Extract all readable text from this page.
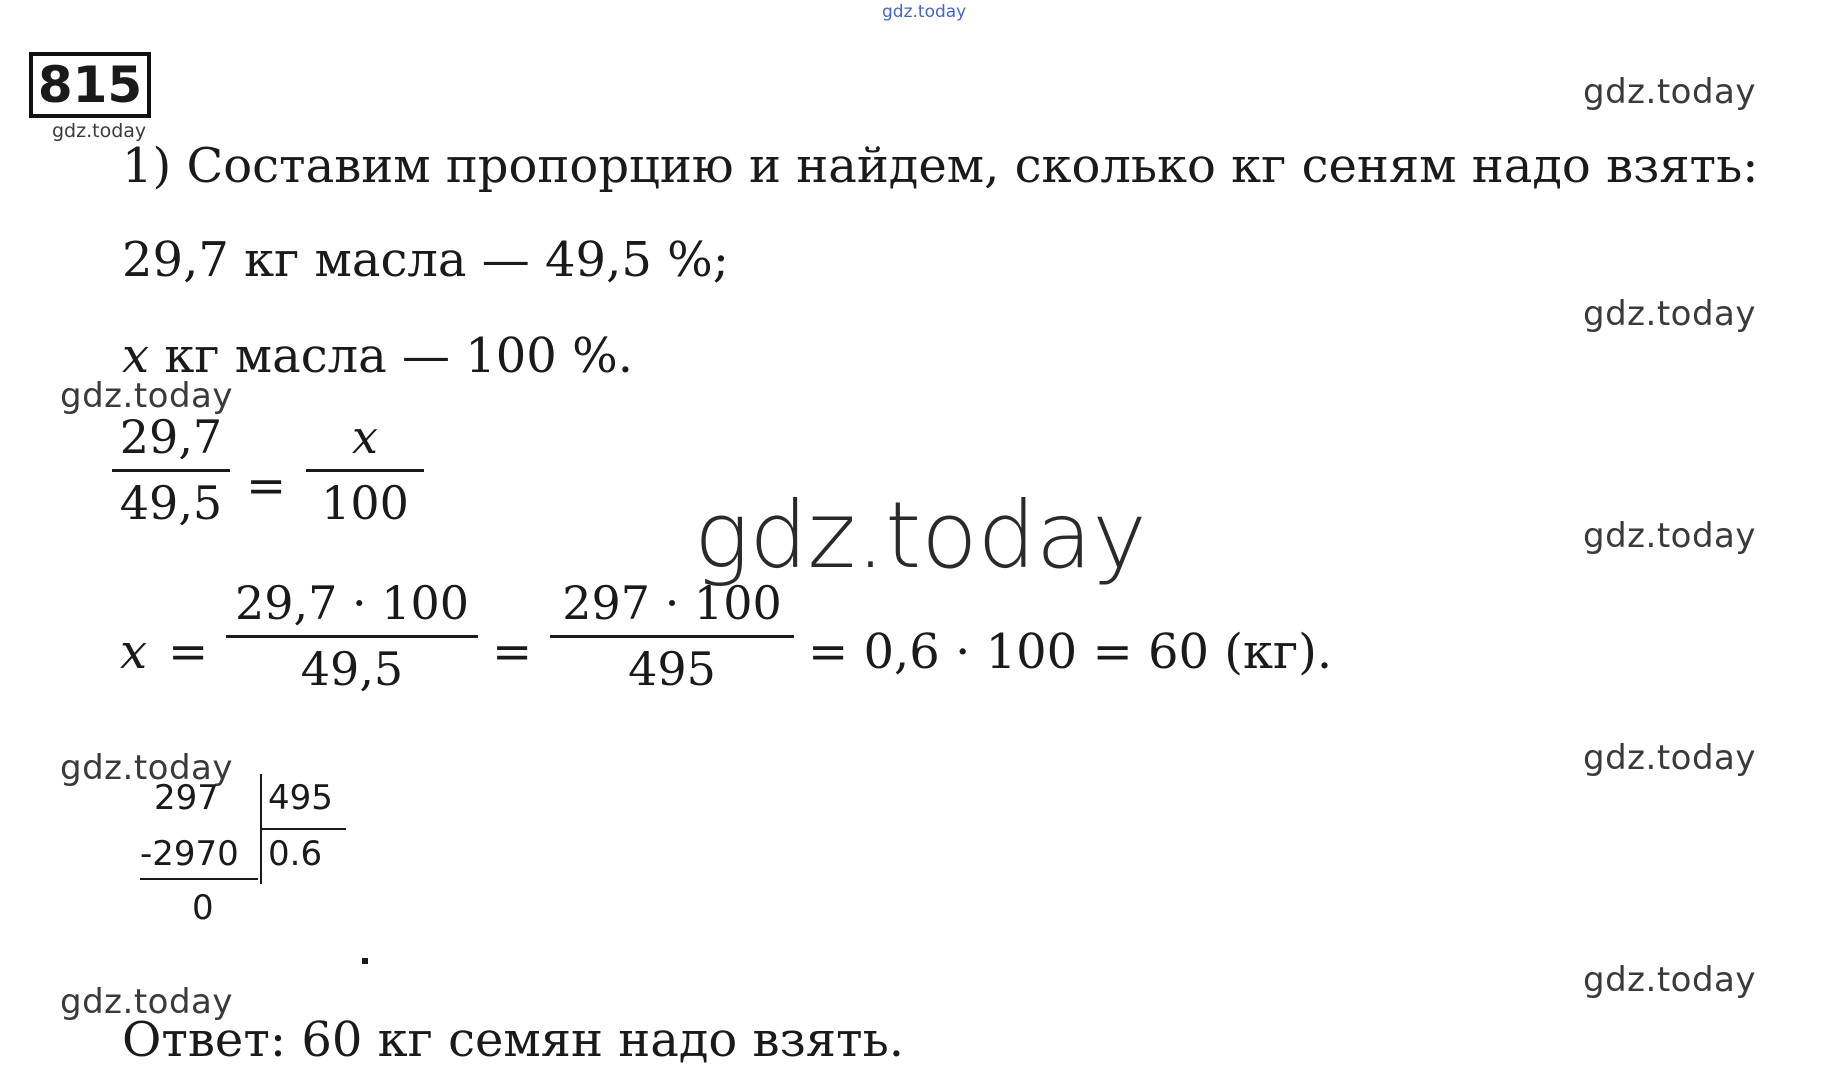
gdz.today
gdz.today
gdz.today
gdz.today
gdz.today
gdz.today
gdz.today
gdz.today
gdz.today
gdz.today
gdz.today
815
1) Составим пропорцию и найдем, сколько кг сеням надо взять:
29,7 кг масла — 49,5 %;
x кг масла — 100 %.
29,7
49,5 =
x
100
x =
29,7 · 100
49,5 =
297 · 100
495 = 0,6 · 100 = 60 (кг).
297 495
-2970 0.6
0
Ответ: 60 кг семян надо взять.
